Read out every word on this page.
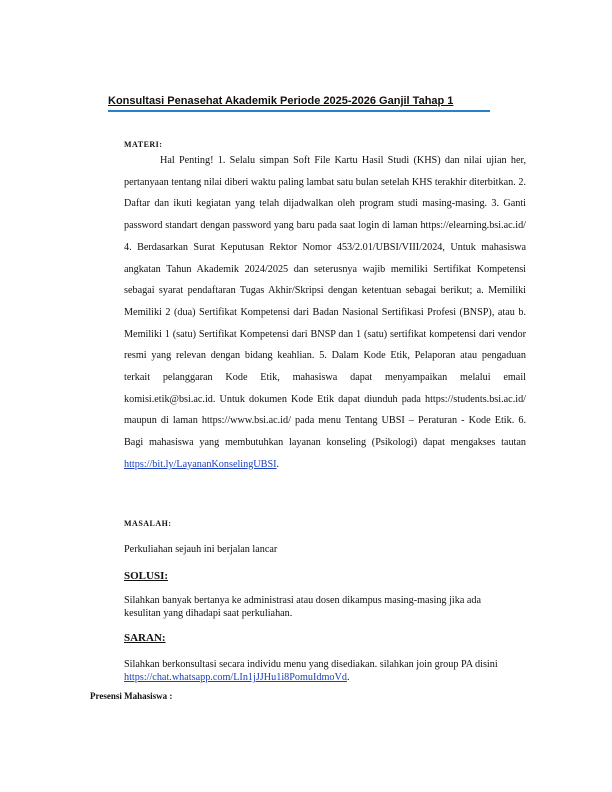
Konsultasi Penasehat Akademik Periode 2025-2026 Ganjil Tahap 1
MATERI:
Hal Penting! 1. Selalu simpan Soft File Kartu Hasil Studi (KHS) dan nilai ujian her, pertanyaan tentang nilai diberi waktu paling lambat satu bulan setelah KHS terakhir diterbitkan. 2. Daftar dan ikuti kegiatan yang telah dijadwalkan oleh program studi masing-masing. 3. Ganti password standart dengan password yang baru pada saat login di laman https://elearning.bsi.ac.id/ 4. Berdasarkan Surat Keputusan Rektor Nomor 453/2.01/UBSI/VIII/2024, Untuk mahasiswa angkatan Tahun Akademik 2024/2025 dan seterusnya wajib memiliki Sertifikat Kompetensi sebagai syarat pendaftaran Tugas Akhir/Skripsi dengan ketentuan sebagai berikut; a. Memiliki Memiliki 2 (dua) Sertifikat Kompetensi dari Badan Nasional Sertifikasi Profesi (BNSP), atau b. Memiliki 1 (satu) Sertifikat Kompetensi dari BNSP dan 1 (satu) sertifikat kompetensi dari vendor resmi yang relevan dengan bidang keahlian. 5. Dalam Kode Etik, Pelaporan atau pengaduan terkait pelanggaran Kode Etik, mahasiswa dapat menyampaikan melalui email komisi.etik@bsi.ac.id. Untuk dokumen Kode Etik dapat diunduh pada https://students.bsi.ac.id/ maupun di laman https://www.bsi.ac.id/ pada menu Tentang UBSI – Peraturan - Kode Etik. 6. Bagi mahasiswa yang membutuhkan layanan konseling (Psikologi) dapat mengakses tautan https://bit.ly/LayananKonselingUBSI.
MASALAH:
Perkuliahan sejauh ini berjalan lancar
SOLUSI:
Silahkan banyak bertanya ke administrasi atau dosen dikampus masing-masing jika ada kesulitan yang dihadapi saat perkuliahan.
SARAN:
Silahkan berkonsultasi secara individu menu yang disediakan. silahkan join group PA disini https://chat.whatsapp.com/LIn1jJJHu1i8PomuIdmoVd.
Presensi Mahasiswa :
